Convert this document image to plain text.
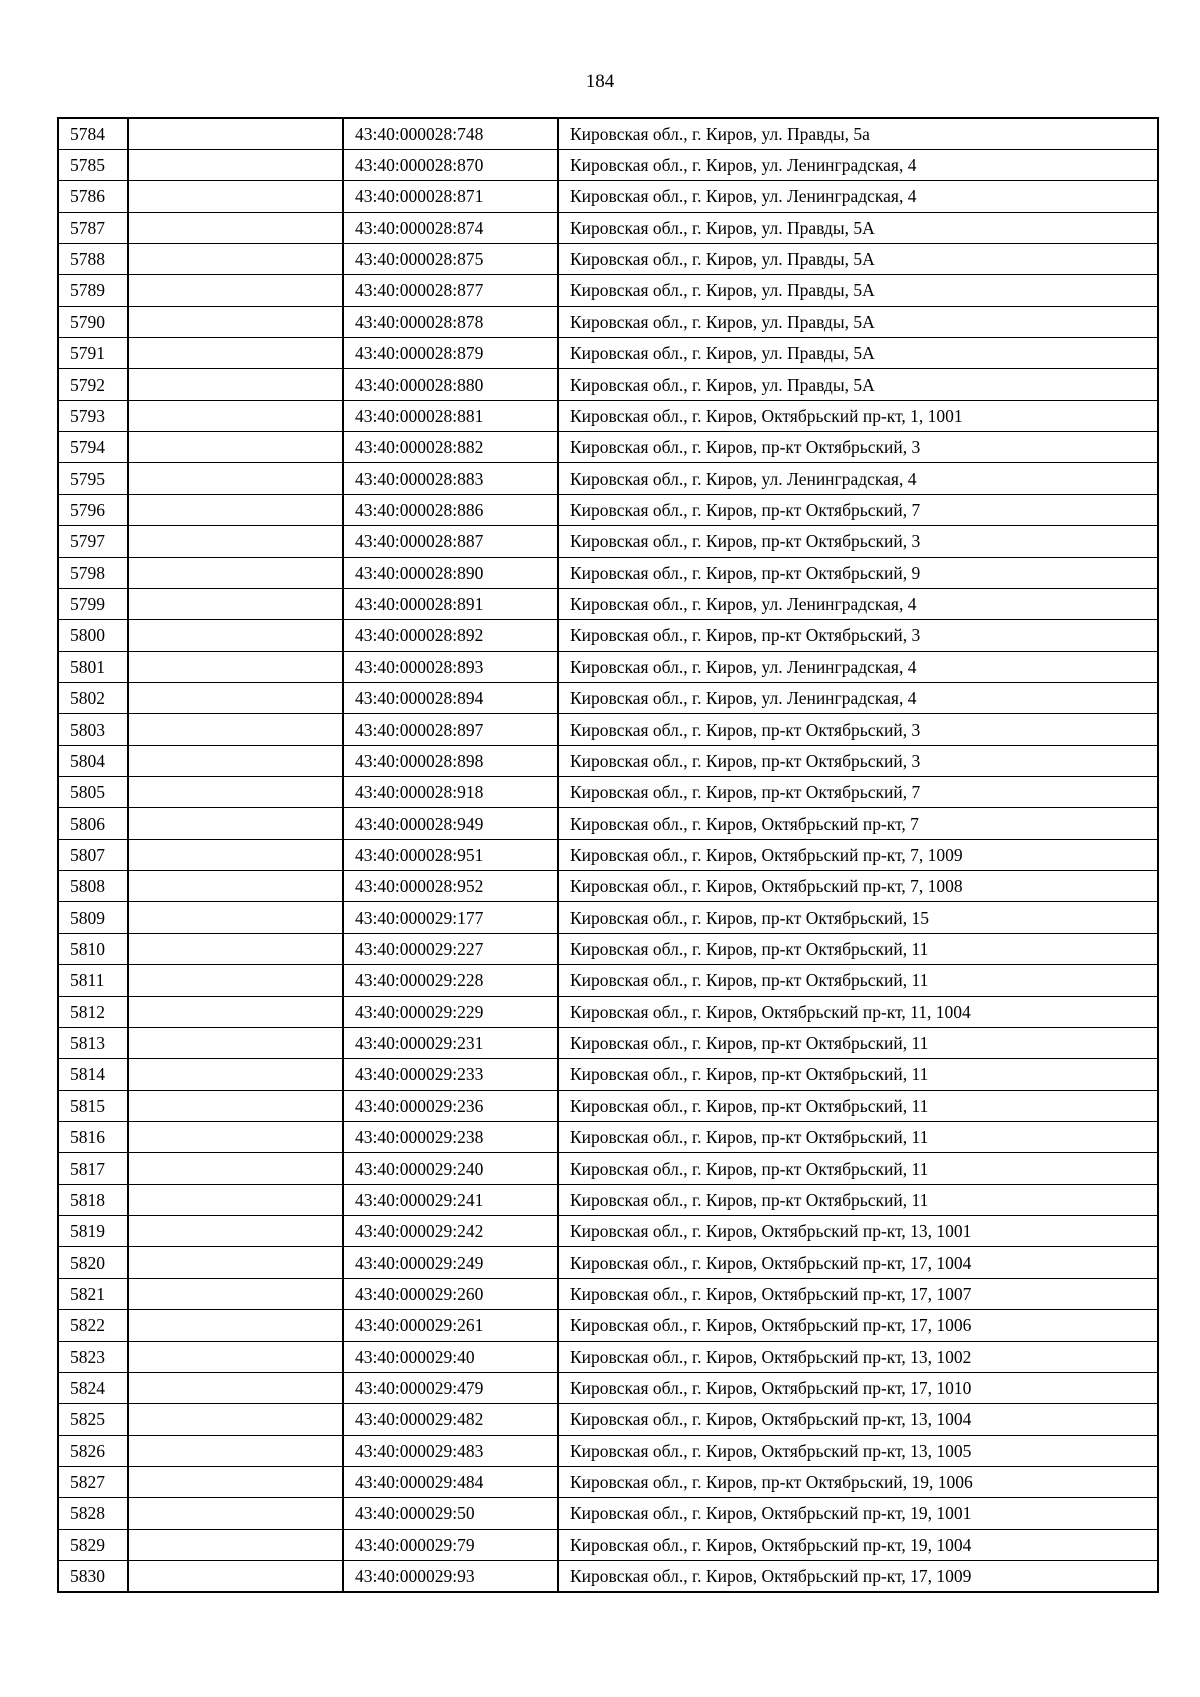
184
5784		43:40:000028:748	Кировская обл., г. Киров, ул. Правды, 5а
5785		43:40:000028:870	Кировская обл., г. Киров, ул. Ленинградская, 4
5786		43:40:000028:871	Кировская обл., г. Киров, ул. Ленинградская, 4
5787		43:40:000028:874	Кировская обл., г. Киров, ул. Правды, 5А
5788		43:40:000028:875	Кировская обл., г. Киров, ул. Правды, 5А
5789		43:40:000028:877	Кировская обл., г. Киров, ул. Правды, 5А
5790		43:40:000028:878	Кировская обл., г. Киров, ул. Правды, 5А
5791		43:40:000028:879	Кировская обл., г. Киров, ул. Правды, 5А
5792		43:40:000028:880	Кировская обл., г. Киров, ул. Правды, 5А
5793		43:40:000028:881	Кировская обл., г. Киров, Октябрьский пр-кт, 1, 1001
5794		43:40:000028:882	Кировская обл., г. Киров, пр-кт Октябрьский, 3
5795		43:40:000028:883	Кировская обл., г. Киров, ул. Ленинградская, 4
5796		43:40:000028:886	Кировская обл., г. Киров, пр-кт Октябрьский, 7
5797		43:40:000028:887	Кировская обл., г. Киров, пр-кт Октябрьский, 3
5798		43:40:000028:890	Кировская обл., г. Киров, пр-кт Октябрьский, 9
5799		43:40:000028:891	Кировская обл., г. Киров, ул. Ленинградская, 4
5800		43:40:000028:892	Кировская обл., г. Киров, пр-кт Октябрьский, 3
5801		43:40:000028:893	Кировская обл., г. Киров, ул. Ленинградская, 4
5802		43:40:000028:894	Кировская обл., г. Киров, ул. Ленинградская, 4
5803		43:40:000028:897	Кировская обл., г. Киров, пр-кт Октябрьский, 3
5804		43:40:000028:898	Кировская обл., г. Киров, пр-кт Октябрьский, 3
5805		43:40:000028:918	Кировская обл., г. Киров, пр-кт Октябрьский, 7
5806		43:40:000028:949	Кировская обл., г. Киров, Октябрьский пр-кт, 7
5807		43:40:000028:951	Кировская обл., г. Киров, Октябрьский пр-кт, 7, 1009
5808		43:40:000028:952	Кировская обл., г. Киров, Октябрьский пр-кт, 7, 1008
5809		43:40:000029:177	Кировская обл., г. Киров, пр-кт Октябрьский, 15
5810		43:40:000029:227	Кировская обл., г. Киров, пр-кт Октябрьский, 11
5811		43:40:000029:228	Кировская обл., г. Киров, пр-кт Октябрьский, 11
5812		43:40:000029:229	Кировская обл., г. Киров, Октябрьский пр-кт, 11, 1004
5813		43:40:000029:231	Кировская обл., г. Киров, пр-кт Октябрьский, 11
5814		43:40:000029:233	Кировская обл., г. Киров, пр-кт Октябрьский, 11
5815		43:40:000029:236	Кировская обл., г. Киров, пр-кт Октябрьский, 11
5816		43:40:000029:238	Кировская обл., г. Киров, пр-кт Октябрьский, 11
5817		43:40:000029:240	Кировская обл., г. Киров, пр-кт Октябрьский, 11
5818		43:40:000029:241	Кировская обл., г. Киров, пр-кт Октябрьский, 11
5819		43:40:000029:242	Кировская обл., г. Киров, Октябрьский пр-кт, 13, 1001
5820		43:40:000029:249	Кировская обл., г. Киров, Октябрьский пр-кт, 17, 1004
5821		43:40:000029:260	Кировская обл., г. Киров, Октябрьский пр-кт, 17, 1007
5822		43:40:000029:261	Кировская обл., г. Киров, Октябрьский пр-кт, 17, 1006
5823		43:40:000029:40	Кировская обл., г. Киров, Октябрьский пр-кт, 13, 1002
5824		43:40:000029:479	Кировская обл., г. Киров, Октябрьский пр-кт, 17, 1010
5825		43:40:000029:482	Кировская обл., г. Киров, Октябрьский пр-кт, 13, 1004
5826		43:40:000029:483	Кировская обл., г. Киров, Октябрьский пр-кт, 13, 1005
5827		43:40:000029:484	Кировская обл., г. Киров, пр-кт Октябрьский, 19, 1006
5828		43:40:000029:50	Кировская обл., г. Киров, Октябрьский пр-кт, 19, 1001
5829		43:40:000029:79	Кировская обл., г. Киров, Октябрьский пр-кт, 19, 1004
5830		43:40:000029:93	Кировская обл., г. Киров, Октябрьский пр-кт, 17, 1009
